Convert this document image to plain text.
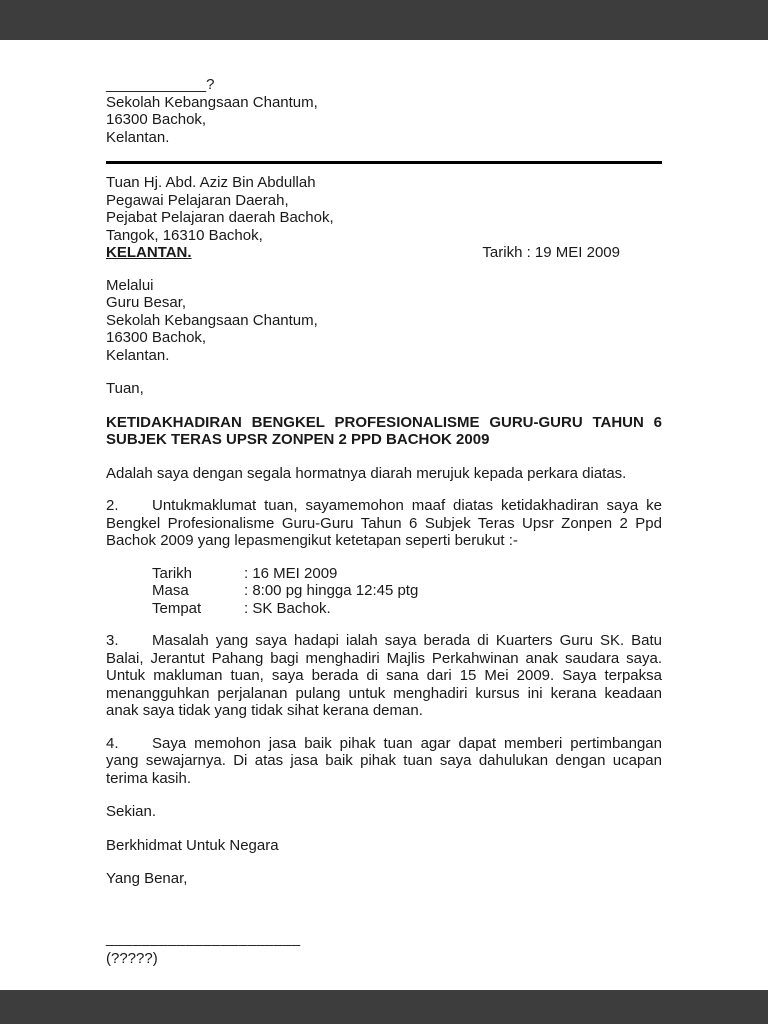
____________?
Sekolah Kebangsaan Chantum,
16300 Bachok,
Kelantan.
Tuan Hj. Abd. Aziz Bin Abdullah
Pegawai Pelajaran Daerah,
Pejabat Pelajaran daerah Bachok,
Tangok, 16310 Bachok,
KELANTAN.	Tarikh : 19 MEI 2009
Melalui
Guru Besar,
Sekolah Kebangsaan Chantum,
16300 Bachok,
Kelantan.
Tuan,
KETIDAKHADIRAN BENGKEL PROFESIONALISME GURU-GURU TAHUN 6 SUBJEK TERAS UPSR ZONPEN 2 PPD BACHOK 2009

Adalah saya dengan segala hormatnya diarah merujuk kepada perkara diatas.

2. Untukmaklumat tuan, sayamemohon maaf diatas ketidakhadiran saya ke Bengkel Profesionalisme Guru-Guru Tahun 6 Subjek Teras Upsr Zonpen 2 Ppd Bachok 2009 yang lepasmengikut ketetapan seperti berukut :-

Tarikh	: 16 MEI 2009
Masa	: 8:00 pg hingga 12:45 ptg
Tempat	: SK Bachok.

3. Masalah yang saya hadapi ialah saya berada di Kuarters Guru SK. Batu Balai, Jerantut Pahang bagi menghadiri Majlis Perkahwinan anak saudara saya. Untuk makluman tuan, saya berada di sana dari 15 Mei 2009. Saya terpaksa menangguhkan perjalanan pulang untuk menghadiri kursus ini kerana keadaan anak saya tidak yang tidak sihat kerana deman.

4. Saya memohon jasa baik pihak tuan agar dapat memberi pertimbangan yang sewajarnya. Di atas jasa baik pihak tuan saya dahulukan dengan ucapan terima kasih.

Sekian.
Berkhidmat Untuk Negara
Yang Benar,
______________________
(?????)
